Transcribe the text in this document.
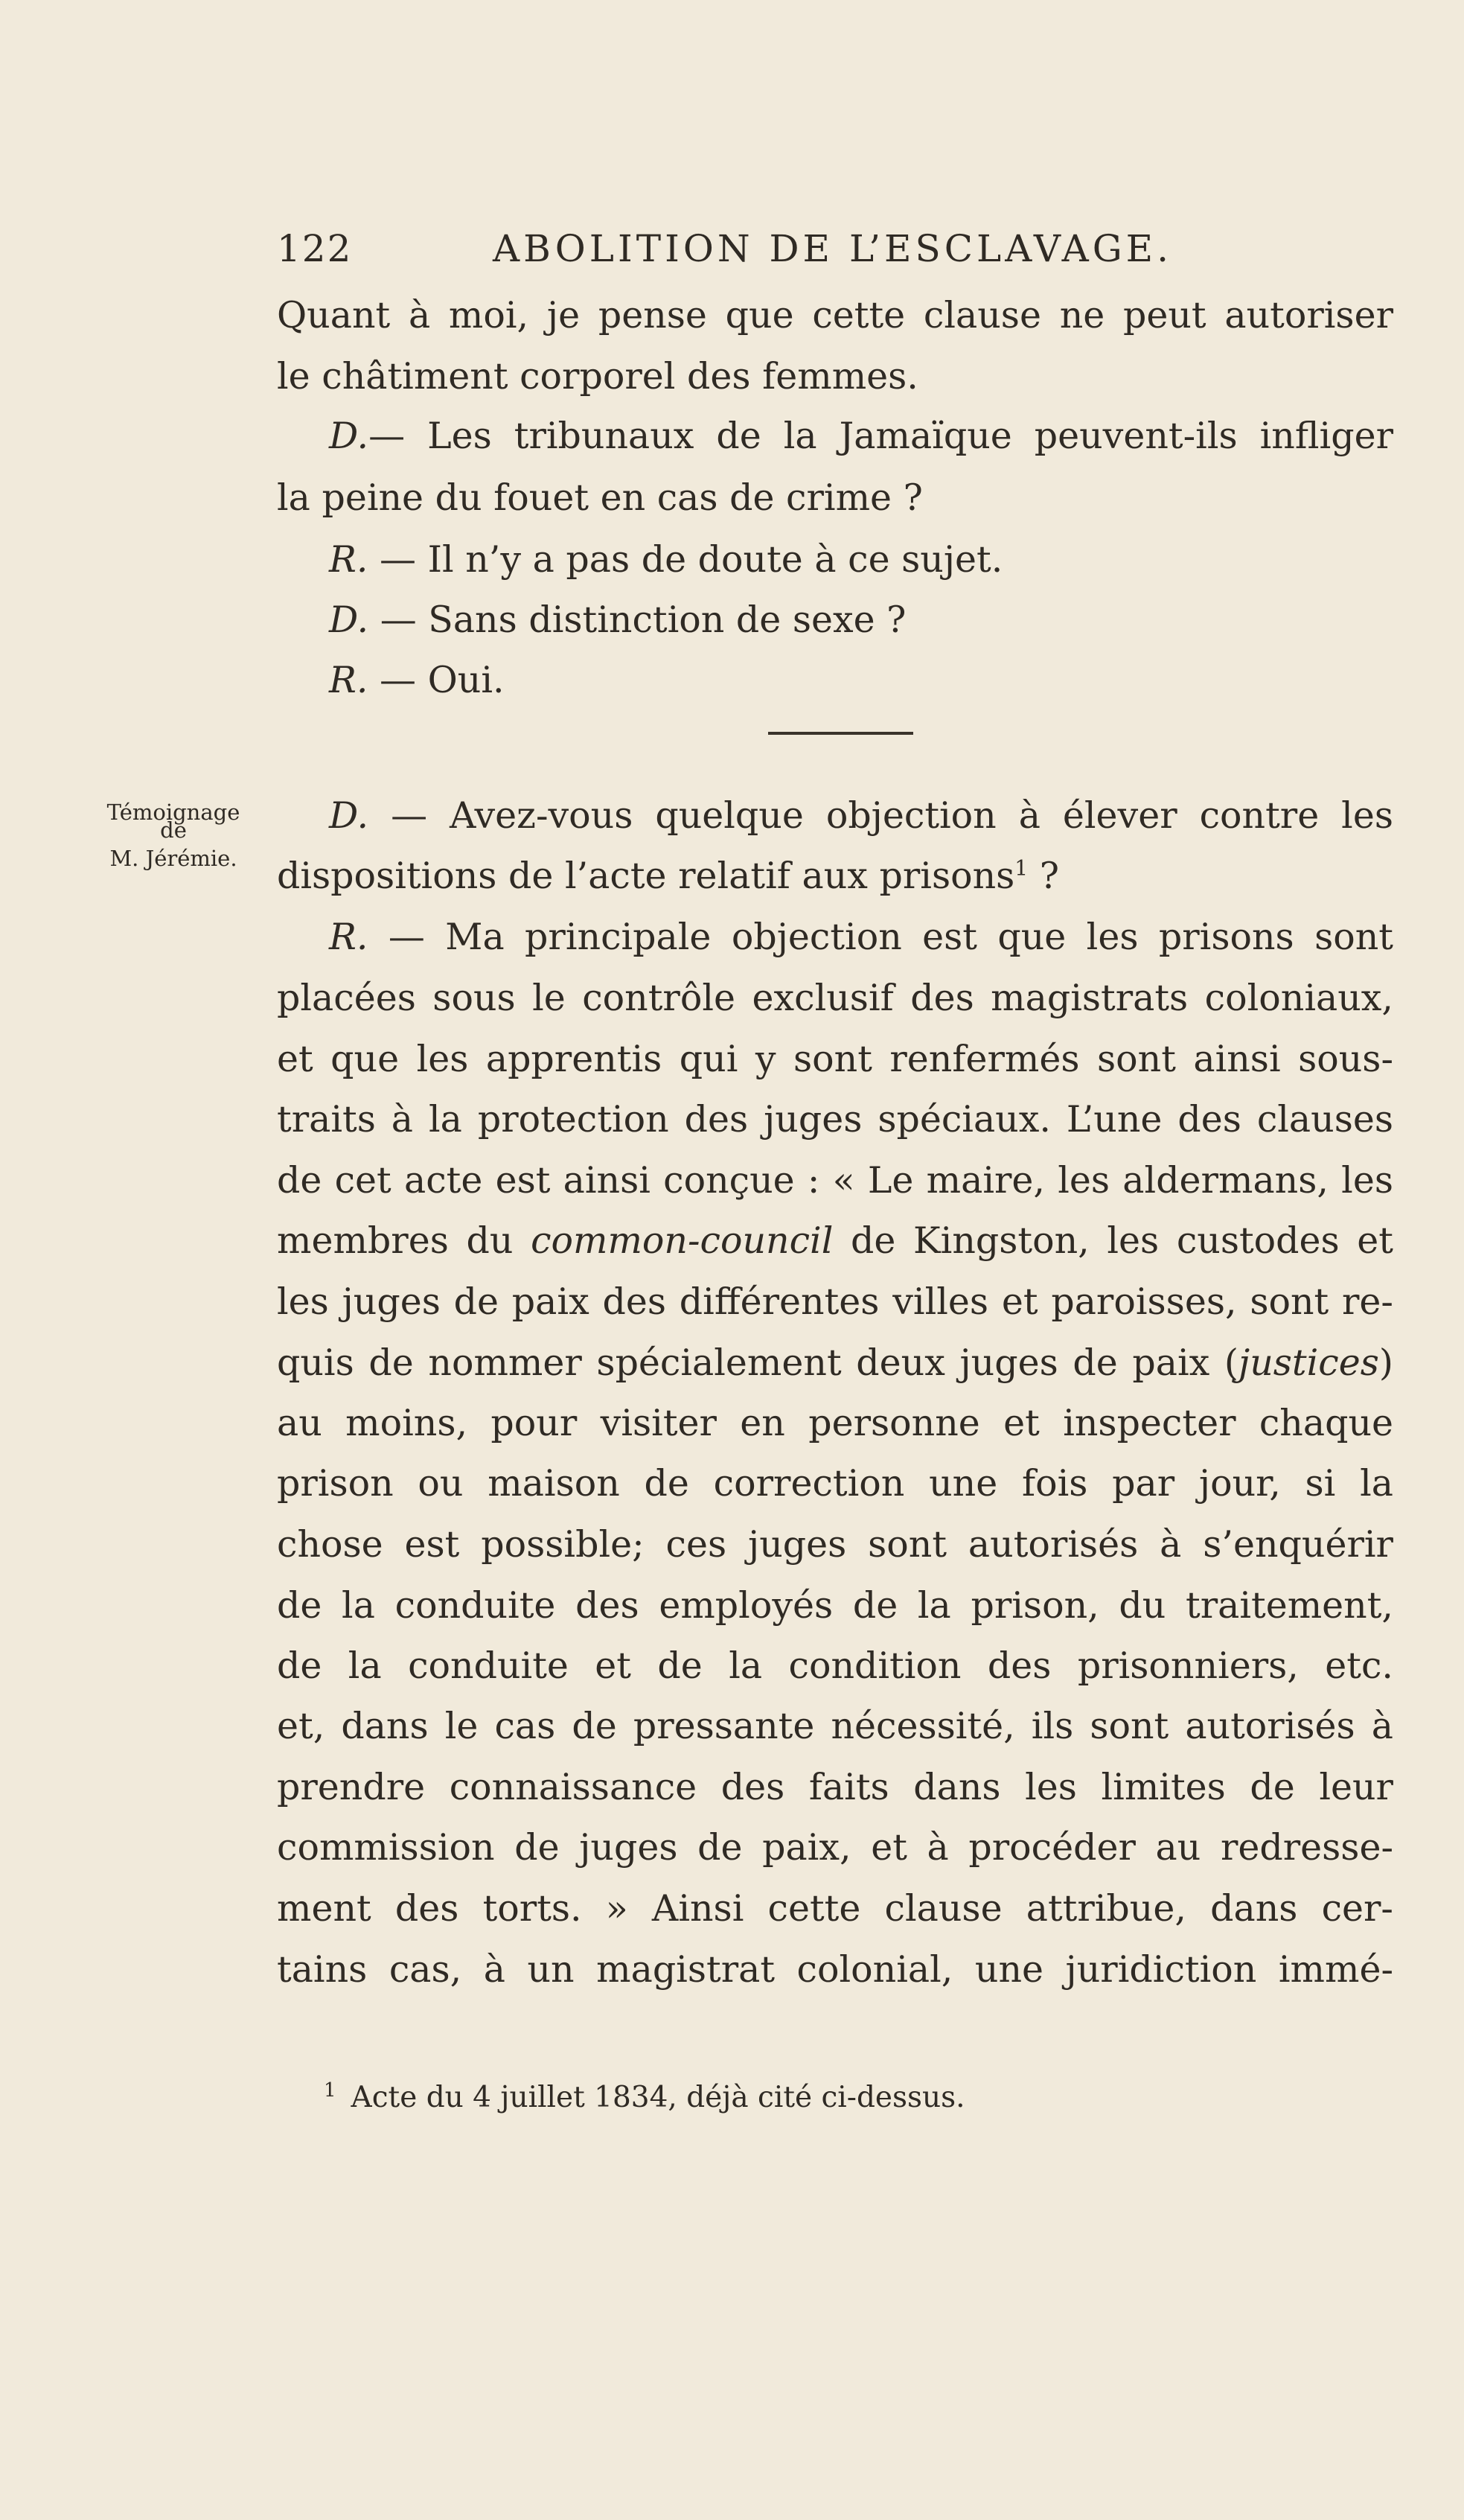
122	ABOLITION DE L’ESCLAVAGE.
Témoignage
de
M. Jérémie.
Quant à moi, je pense que cette clause ne peut autoriser
le châtiment corporel des femmes.
D.— Les tribunaux de la Jamaïque peuvent-ils infliger
la peine du fouet en cas de crime ?
R. — Il n’y a pas de doute à ce sujet.
D. — Sans distinction de sexe ?
R. — Oui.
D. — Avez-vous quelque objection à élever contre les
dispositions de l’acte relatif aux prisons$^1$ ?
R. — Ma principale objection est que les prisons sont
placées sous le contrôle exclusif des magistrats coloniaux,
et que les apprentis qui y sont renfermés sont ainsi sous-
traits à la protection des juges spéciaux. L’une des clauses
de cet acte est ainsi conçue : « Le maire, les aldermans, les
membres du common-council de Kingston, les custodes et
les juges de paix des différentes villes et paroisses, sont re-
quis de nommer spécialement deux juges de paix (justices)
au moins, pour visiter en personne et inspecter chaque
prison ou maison de correction une fois par jour, si la
chose est possible; ces juges sont autorisés à s’enquérir
de la conduite des employés de la prison, du traitement,
de la conduite et de la condition des prisonniers, etc.
et, dans le cas de pressante nécessité, ils sont autorisés à
prendre connaissance des faits dans les limites de leur
commission de juges de paix, et à procéder au redresse-
ment des torts. » Ainsi cette clause attribue, dans cer-
tains cas, à un magistrat colonial, une juridiction immé-
$^1$ Acte du 4 juillet 1834, déjà cité ci-dessus.
